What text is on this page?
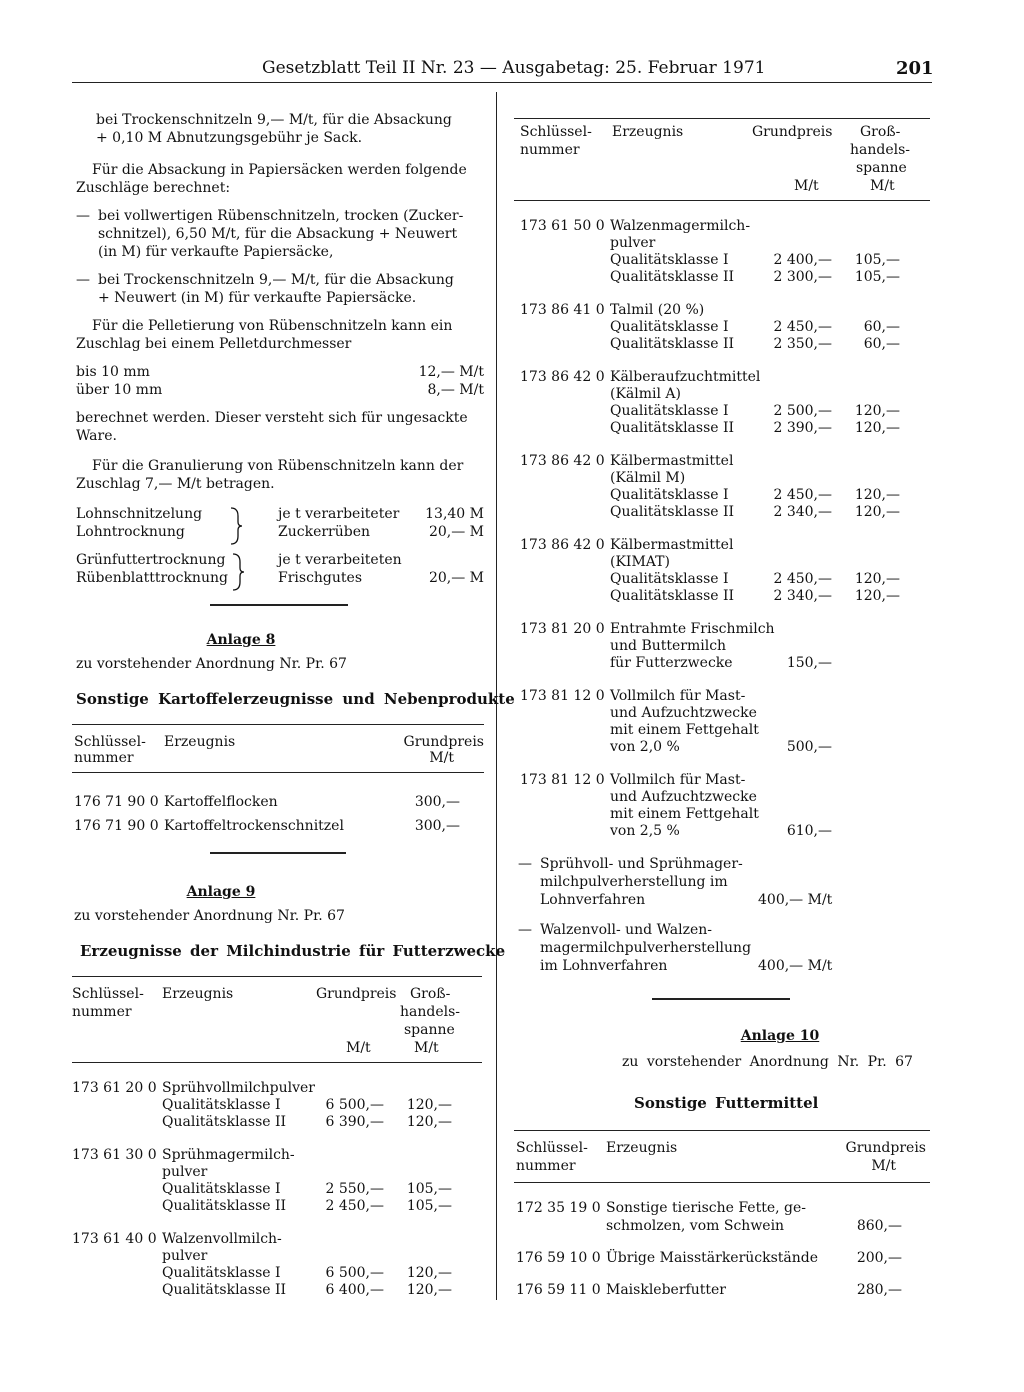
Gesetzblatt Teil II Nr. 23 — Ausgabetag: 25. Februar 1971	201
bei Trockenschnitzeln 9,— M/t, für die Absackung
+ 0,10 M Abnutzungsgebühr je Sack.
Für die Absackung in Papiersäcken werden folgende
Zuschläge berechnet:
— bei vollwertigen Rübenschnitzeln, trocken (Zucker-
schnitzel), 6,50 M/t, für die Absackung + Neuwert
(in M) für verkaufte Papiersäcke,
— bei Trockenschnitzeln 9,— M/t, für die Absackung
+ Neuwert (in M) für verkaufte Papiersäcke.
Für die Pelletierung von Rübenschnitzeln kann ein
Zuschlag bei einem Pelletdurchmesser
bis 10 mm	12,— M/t
über 10 mm	8,— M/t
berechnet werden. Dieser versteht sich für ungesackte
Ware.
Für die Granulierung von Rübenschnitzeln kann der
Zuschlag 7,— M/t betragen.
Lohnschnitzelung	je t verarbeiteter	13,40 M
Lohntrocknung	Zuckerrüben	20,— M
Grünfuttertrocknung	je t verarbeiteten
Rübenblatttrocknung	Frischgutes	20,— M
Anlage 8
zu vorstehender Anordnung Nr. Pr. 67
Sonstige Kartoffelerzeugnisse und Nebenprodukte
Schlüssel-
nummer
Erzeugnis	Grundpreis
M/t
176 71 90 0 Kartoffelflocken	300,—
176 71 90 0 Kartoffeltrockenschnitzel	300,—
Anlage 9
zu vorstehender Anordnung Nr. Pr. 67
Erzeugnisse der Milchindustrie für Futterzwecke
Schlüssel-
nummer
Erzeugnis	Grundpreis
M/t
Groß-
handels-
spanne
M/t
173 61 20 0 Sprühvollmilchpulver
Qualitätsklasse I	6 500,—	120,—
Qualitätsklasse II	6 390,—	120,—
173 61 30 0 Sprühmagermilch-
pulver
Qualitätsklasse I	2 550,—	105,—
Qualitätsklasse II	2 450,—	105,—
173 61 40 0 Walzenvollmilch-
pulver
Qualitätsklasse I	6 500,—	120,—
Qualitätsklasse II	6 400,—	120,—
Schlüssel-
nummer
Erzeugnis	Grundpreis
M/t
Groß-
handels-
spanne
M/t
173 61 50 0 Walzenmagermilch-
pulver
Qualitätsklasse I	2 400,—	105,—
Qualitätsklasse II	2 300,—	105,—
173 86 41 0 Talmil (20 %)
Qualitätsklasse I	2 450,—	60,—
Qualitätsklasse II	2 350,—	60,—
173 86 42 0 Kälberaufzuchtmittel
(Kälmil A)
Qualitätsklasse I	2 500,—	120,—
Qualitätsklasse II	2 390,—	120,—
173 86 42 0 Kälbermastmittel
(Kälmil M)
Qualitätsklasse I	2 450,—	120,—
Qualitätsklasse II	2 340,—	120,—
173 86 42 0 Kälbermastmittel
(KIMAT)
Qualitätsklasse I	2 450,—	120,—
Qualitätsklasse II	2 340,—	120,—
173 81 20 0 Entrahmte Frischmilch
und Buttermilch
für Futterzwecke	150,—
173 81 12 0 Vollmilch für Mast-
und Aufzuchtzwecke
mit einem Fettgehalt
von 2,0 %	500,—
173 81 12 0 Vollmilch für Mast-
und Aufzuchtzwecke
mit einem Fettgehalt
von 2,5 %	610,—
— Sprühvoll- und Sprühmager-
milchpulverherstellung im
Lohnverfahren	400,— M/t
— Walzenvoll- und Walzen-
magermilchpulverherstellung
im Lohnverfahren	400,— M/t
Anlage 10
zu vorstehender Anordnung Nr. Pr. 67
Sonstige Futtermittel
Schlüssel-
nummer
Erzeugnis	Grundpreis
M/t
172 35 19 0 Sonstige tierische Fette, ge-
schmolzen, vom Schwein	860,—
176 59 10 0 Übrige Maisstärkerückstände	200,—
176 59 11 0 Maiskleberfutter	280,—
